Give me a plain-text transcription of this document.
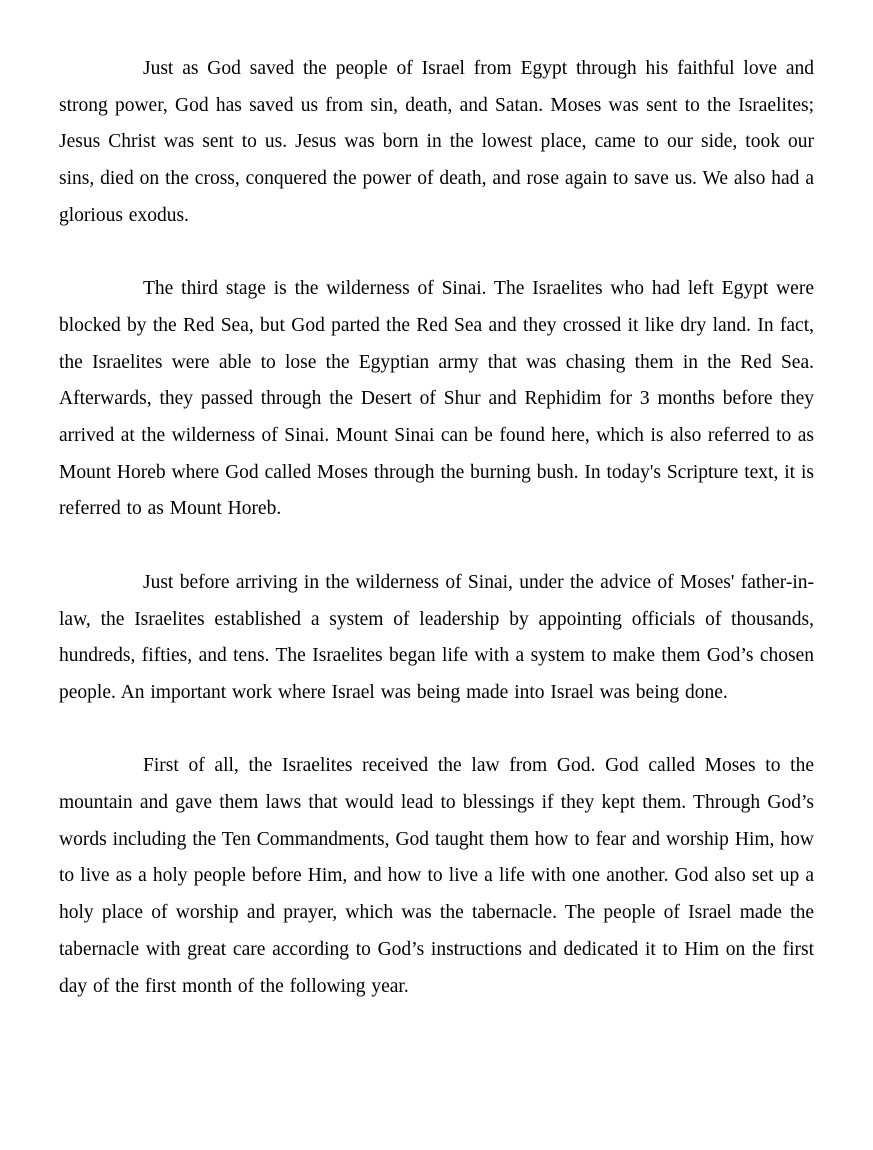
Just as God saved the people of Israel from Egypt through his faithful love and strong power, God has saved us from sin, death, and Satan. Moses was sent to the Israelites; Jesus Christ was sent to us. Jesus was born in the lowest place, came to our side, took our sins, died on the cross, conquered the power of death, and rose again to save us. We also had a glorious exodus.

The third stage is the wilderness of Sinai. The Israelites who had left Egypt were blocked by the Red Sea, but God parted the Red Sea and they crossed it like dry land. In fact, the Israelites were able to lose the Egyptian army that was chasing them in the Red Sea. Afterwards, they passed through the Desert of Shur and Rephidim for 3 months before they arrived at the wilderness of Sinai. Mount Sinai can be found here, which is also referred to as Mount Horeb where God called Moses through the burning bush. In today's Scripture text, it is referred to as Mount Horeb.

Just before arriving in the wilderness of Sinai, under the advice of Moses' father-in-law, the Israelites established a system of leadership by appointing officials of thousands, hundreds, fifties, and tens. The Israelites began life with a system to make them God’s chosen people. An important work where Israel was being made into Israel was being done.

First of all, the Israelites received the law from God. God called Moses to the mountain and gave them laws that would lead to blessings if they kept them. Through God’s words including the Ten Commandments, God taught them how to fear and worship Him, how to live as a holy people before Him, and how to live a life with one another. God also set up a holy place of worship and prayer, which was the tabernacle. The people of Israel made the tabernacle with great care according to God’s instructions and dedicated it to Him on the first day of the first month of the following year.
